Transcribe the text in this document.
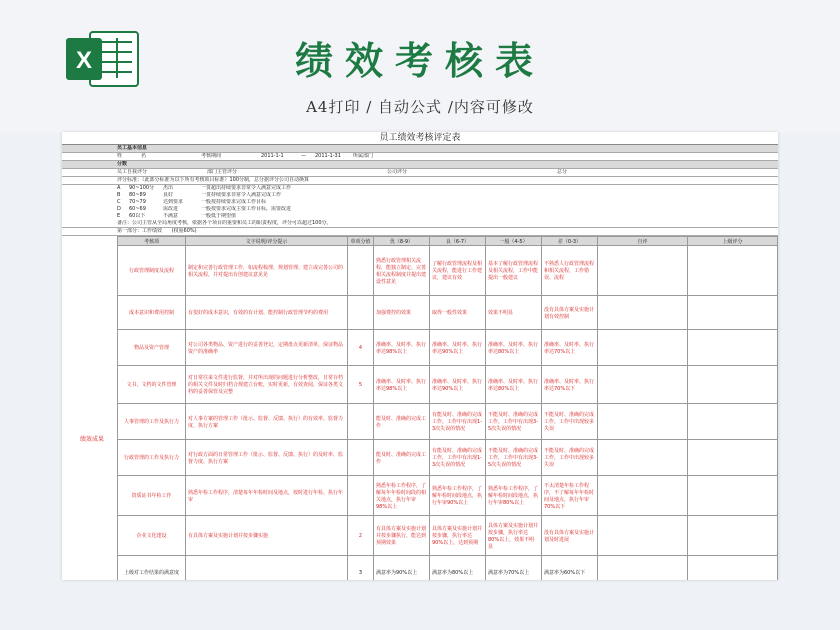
X	绩效考核表
A4打印 / 自动公式 /内容可修改
员工绩效考核评定表
员工基本信息
姓	名	考核期间	2011-1-1	— 2011-1-31 所属部门
分数
员工自我评分	部门主管评分	公司评分	总分
评分标准：（此部分标准为以下所有考核项目标准）100分制，总分据评分公司自动换算
A 90~100分 杰出	一贯超出持续要求非常令人满意完成工作
B 80~89	良好	一贯持续要求非常令人满意完成工作
C 70~79	达到要求	一般按持续要求完成工作目标
D 60~69	需改进	一般按要求完成主要工作目标，需要改进
E 60以下	不满意	一般低于期望值
备注：公司主管从全局角度考核，依据各个项目的重要和员工的职责程度，评分可以超过100分。
第一部分：工作绩效 (权重60%)
考核项	文字说明/评分提示	单项分值	优（8-9）	良（6-7）	一般（4-5）	差（0-3）	自评	上级评分
行政管理制度及流程	制定和完善行政管理工作，如流程梳理、规划管理、建立或完善公司的相关流程，并对提出有创建议意见见		熟悉行政管理相关流程，能独立制定、完善相关流程制度并提出建设性意见	了解行政管理流程及相关流程，能进行工作建议，建议有效	基本了解行政管理流程及相关流程，工作中能提出一般建议	不熟悉人行政管理流程和相关流程，工作错误、流程		
成本意识和费用控制	有很好的成本意识，有效的有计划、能控制行政管理节约的费用		加强费控的效果	取得一般性效果	效果不明显	没有具体方案及实施计划有效控制		
物品及资产管理	对公司各类物品、资产进行的妥善登记，定期盘点更新清单，保证物品资产的准确率	4	准确率、及时率、执行率达98%以上	准确率、及时率、执行率达90%以上	准确率、及时率、执行率达80%以上	准确率、及时率、执行率达70%以上		
文书、文档的文件管理	对日常往来文件进行监督，并对所出现的问题进行分析整改，日常存档的相关文件及时归档合规建立台账，实时更新，有效查阅，保证各类文档的妥善保管及完整	5	准确率、及时率、执行率达98%以上	准确率、及时率、执行率达90%以上	准确率、及时率、执行率达80%以上	准确率、及时率、执行率达70%以下		
人事管理的工作及执行力	对人事方案的管理工作（批示、监督、反馈、执行）的有效率、监督力度、执行方案		能及时、准确的完成工作	有能及时、准确的完成工作，工作中有出现1-3次失误的情况	不能及时、准确的完成工作，工作中有出现3-5次失误的情况	不能及时、准确的完成工作，工作中出现较多失误		
行政管理的工作及执行力	对行政方面的日常管理工作（批示、监督、反馈、执行）的及时率、监督力度、执行方案		能及时、准确的完成工作	有能及时、准确的完成工作，工作中有出现1-3次失误的情况	不能及时、准确的完成工作，工作中有出现3-5次失误的情况	不能及时、准确的完成工作，工作中出现较多失误		
资质证书年检工作	熟悉年检工作程序，清楚每年年检时间及地点，按时进行年检、执行年审		熟悉年检工作程序，了解每年年检时间段的相关地点，执行年审98%以上	熟悉年检工作程序，了解年检时间段地点，执行年审90%以上	熟悉年检工作程序，了解年检时间段地点，执行年审80%以上	不太清楚年检工作程序，不了解每年年检时间及地点，执行年审70%以下		
企业文化建设	有具体方案及实施计划并按步骤实施	2	有具体方案及实施计划并按步骤执行，能达到预期效果	具体方案及实施计划并按步骤，执行率达90%以上，达到预期	具体方案及实施计划并按步骤，执行率达80%以上，效果不明显	没有具体方案及实施计划及时进展		
上级对工作结果的满意度		3	满意率为90%以上	满意率为80%以上	满意率为70%以上	满意率为60%以下		
绩效成果
